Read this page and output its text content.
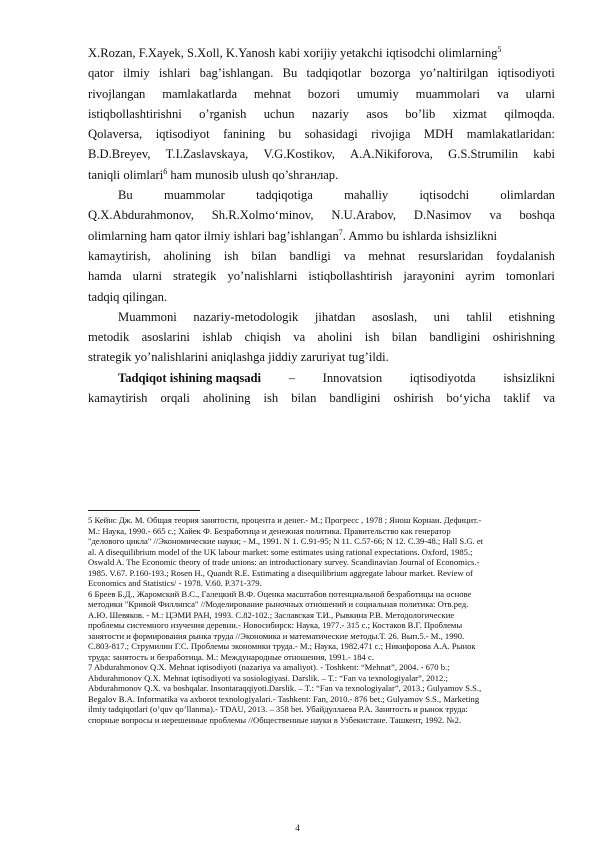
X.Rozan, F.Xayek, S.Xoll, K.Yanosh kabi xorijiy yetakchi iqtisodchi olimlarning$^5$
qator ilmiy ishlari bag’ishlangan. Bu tadqiqotlar bozorga yo’naltirilgan iqtisodiyoti
rivojlangan mamlakatlarda mehnat bozori umumiy muammolari va ularni
istiqbollashtirishni o’rganish uchun nazariy asos bo’lib xizmat qilmoqda.
Qolaversa, iqtisodiyot fanining bu sohasidagi rivojiga MDH mamlakatlaridan:
B.D.Breyev, T.I.Zaslavskaya, V.G.Kostikov, A.A.Nikiforova, G.S.Strumilin kabi
taniqli olimlari$^6$ ham munosib ulush qo’shганлар.
Bu muammolar tadqiqotiga mahalliy iqtisodchi olimlardan
Q.X.Abdurahmonov, Sh.R.Xolmo‘minov, N.U.Arabov, D.Nasimov va boshqa
olimlarning ham qator ilmiy ishlari bag’ishlangan$^7$. Ammo bu ishlarda ishsizlikni
kamaytirish, aholining ish bilan bandligi va mehnat resurslaridan foydalanish
hamda ularni strategik yo’nalishlarni istiqbollashtirish jarayonini ayrim tomonlari
tadqiq qilingan.
Muammoni nazariy-metodologik jihatdan asoslash, uni tahlil etishning
metodik asoslarini ishlab chiqish va aholini ish bilan bandligini oshirishning
strategik yo’nalishlarini aniqlashga jiddiy zaruriyat tug’ildi.
Tadqiqot ishining maqsadi – Innovatsion iqtisodiyotda ishsizlikni
kamaytirish orqali aholining ish bilan bandligini oshirish bo‘yicha taklif va
5 Кейнс Дж. М. Общая теория занятости, процента и денег.- М.; Прогресс , 1978 ; Янош Корнаи. Дефицит.-
М.: Наука, 1990.- 665 с.; Хайек Ф. Безработица и денежная политика. Правительство как генератор
"делового цикла" //Экономические науки; - М., 1991. N 1. С.91-95; N 11. С.57-66; N 12. С.39-48.; Hall S.G. et
al. A disequilibrium model of the UK labour market: some estimates using rational expectations. Oxford, 1985.;
Oswald A. The Economic theory of trade unions: an introductionary survey. Scandinavian Journal of Economics.-
1985. V.67. P.160-193.; Rosen H., Quandt R.E. Estimating a disequilibrium aggregate labour market. Review of
Economics and Statistics/ - 1978. V.60. P.371-379.
6 Бреев Б.Д., Жаромский В.С., Галецкий В.Ф. Оценка масштабов потенциальной безработицы на основе
методики "Кривой Филлипса" //Моделирование рыночных отношений и социальная политика: Отв.ред.
А.Ю. Шевяков. - М.: ЦЭМИ РАН, 1993. С.82-102.; Заславская Т.И., Рывкина Р.В. Методологические
проблемы системного изучения деревни.- Новосибирск: Наука, 1977.- 315 с.; Костаков В.Г. Проблемы
занятости и формирования рынка труда //Экономика и математические методы.Т. 26. Вып.5.- М., 1990.
С.803-817.; Струмилин Г.С. Проблемы экономики труда.- М.; Наука, 1982.471 с.; Никифорова А.А. Рынок
труда: занятость и безработица. М.: Международные отношения, 1991.- 184 с.
7 Abdurahmonov Q.X. Mehnat iqtisodiyoti (nazariya va amaliyot). - Toshkent: “Mehnat”, 2004. - 670 b.;
Abdurahmonov Q.X. Mehnat iqtisodiyoti va sosiologiyasi. Darslik. – T.: “Fan va texnologiyalar”, 2012.;
Abdurahmonov Q.X. va boshqalar. Insontaraqqiyoti.Darslik. – T.: “Fan va texnologiyalar”, 2013.; Gulyamov S.S.,
Begalov B.A. Informatika va axborot texnologiyalari.- Tashkent: Fan, 2010.- 876 bet.; Gulyamov S.S., Marketing
ilmiy tadqiqotlari (o’quv qo’llanma).- TDAU, 2013. – 358 bet. Убайдуллаева Р.А. Занятость и рынок труда:
спорные вопросы и нерешенные проблемы //Общественные науки в Узбекистане. Ташкент, 1992. №2.
4
